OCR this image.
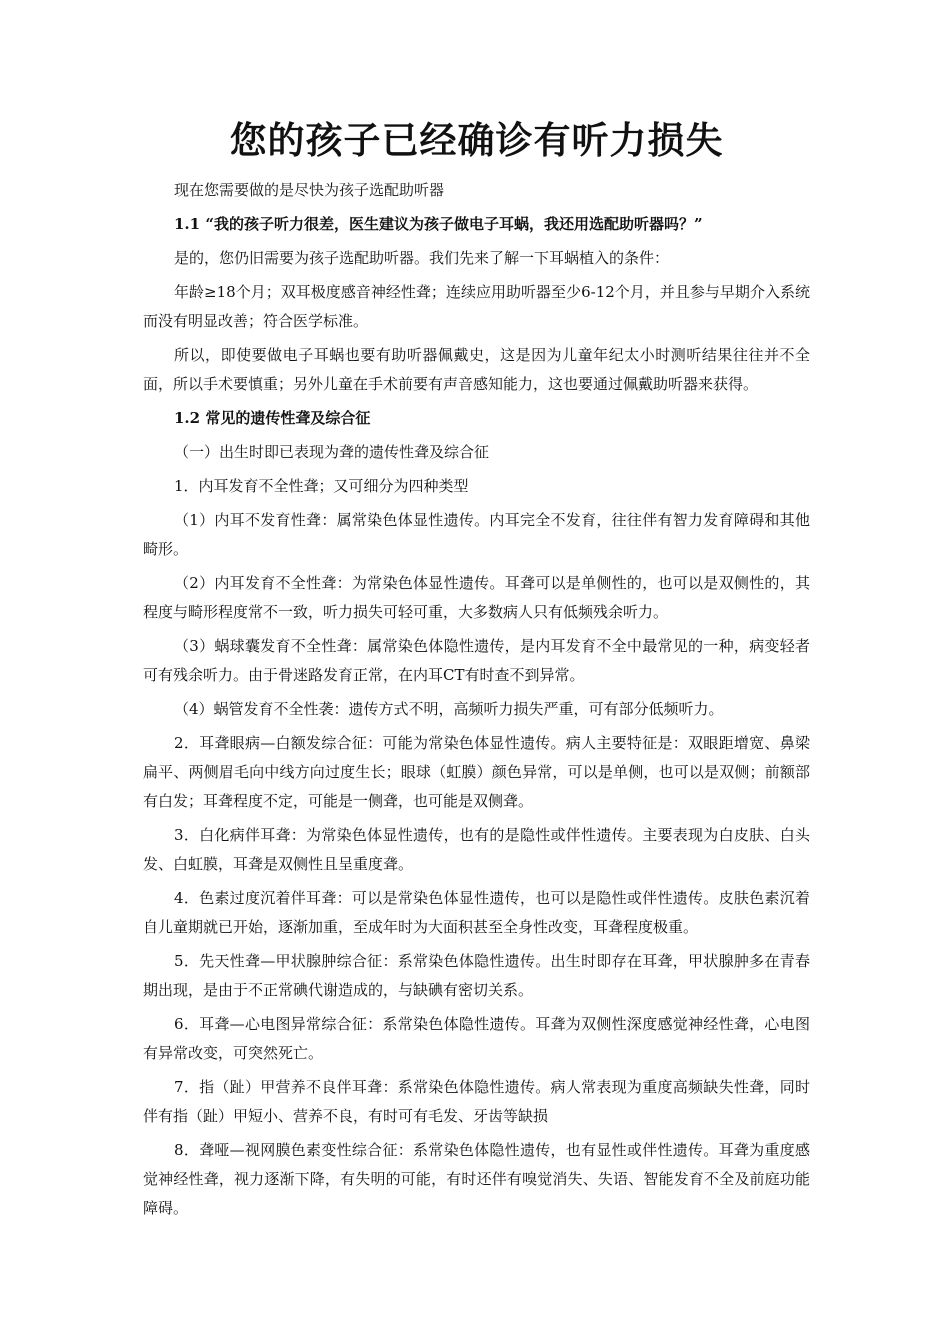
您的孩子已经确诊有听力损失

现在您需要做的是尽快为孩子选配助听器

1.1 “我的孩子听力很差，医生建议为孩子做电子耳蜗，我还用选配助听器吗？”

是的，您仍旧需要为孩子选配助听器。我们先来了解一下耳蜗植入的条件：

年龄≥18个月；双耳极度感音神经性聋；连续应用助听器至少6-12个月，并且参与早期介入系统而没有明显改善；符合医学标准。

所以，即使要做电子耳蜗也要有助听器佩戴史，这是因为儿童年纪太小时测听结果往往并不全面，所以手术要慎重；另外儿童在手术前要有声音感知能力，这也要通过佩戴助听器来获得。

1.2 常见的遗传性聋及综合征

（一）出生时即已表现为聋的遗传性聋及综合征

1．内耳发育不全性聋；又可细分为四种类型

（1）内耳不发育性聋：属常染色体显性遗传。内耳完全不发育，往往伴有智力发育障碍和其他畸形。

（2）内耳发育不全性聋：为常染色体显性遗传。耳聋可以是单侧性的，也可以是双侧性的，其程度与畸形程度常不一致，听力损失可轻可重，大多数病人只有低频残余听力。

（3）蜗球囊发育不全性聋：属常染色体隐性遗传，是内耳发育不全中最常见的一种，病变轻者可有残余听力。由于骨迷路发育正常，在内耳CT有时查不到异常。

（4）蜗管发育不全性袭：遗传方式不明，高频听力损失严重，可有部分低频听力。

2．耳聋眼病—白额发综合征：可能为常染色体显性遗传。病人主要特征是：双眼距增宽、鼻梁扁平、两侧眉毛向中线方向过度生长；眼球（虹膜）颜色异常，可以是单侧，也可以是双侧；前额部有白发；耳聋程度不定，可能是一侧聋，也可能是双侧聋。

3．白化病伴耳聋：为常染色体显性遗传，也有的是隐性或伴性遗传。主要表现为白皮肤、白头发、白虹膜，耳聋是双侧性且呈重度聋。

4．色素过度沉着伴耳聋：可以是常染色体显性遗传，也可以是隐性或伴性遗传。皮肤色素沉着自儿童期就已开始，逐渐加重，至成年时为大面积甚至全身性改变，耳聋程度极重。

5．先天性聋—甲状腺肿综合征：系常染色体隐性遗传。出生时即存在耳聋，甲状腺肿多在青春期出现，是由于不正常碘代谢造成的，与缺碘有密切关系。

6．耳聋—心电图异常综合征：系常染色体隐性遗传。耳聋为双侧性深度感觉神经性聋，心电图有异常改变，可突然死亡。

7．指（趾）甲营养不良伴耳聋：系常染色体隐性遗传。病人常表现为重度高频缺失性聋，同时伴有指（趾）甲短小、营养不良，有时可有毛发、牙齿等缺损

8．聋哑—视网膜色素变性综合征：系常染色体隐性遗传，也有显性或伴性遗传。耳聋为重度感觉神经性聋，视力逐渐下降，有失明的可能，有时还伴有嗅觉消失、失语、智能发育不全及前庭功能障碍。
